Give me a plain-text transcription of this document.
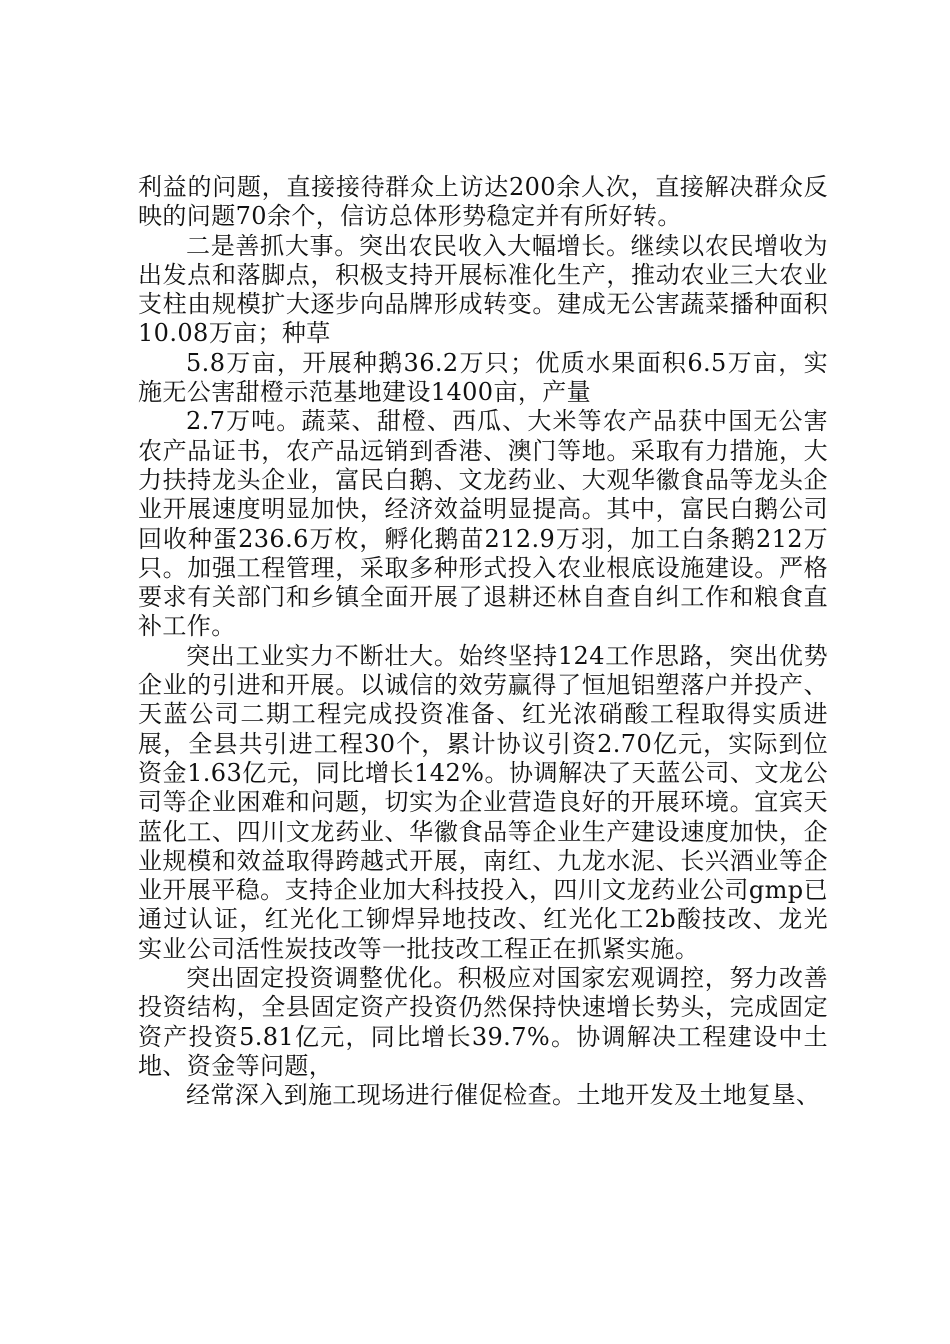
利益的问题，直接接待群众上访达200余人次，直接解决群众反映的问题70余个，信访总体形势稳定并有所好转。

二是善抓大事。突出农民收入大幅增长。继续以农民增收为出发点和落脚点，积极支持开展标准化生产，推动农业三大农业支柱由规模扩大逐步向品牌形成转变。建成无公害蔬菜播种面积10.08万亩；种草

5.8万亩，开展种鹅36.2万只；优质水果面积6.5万亩，实施无公害甜橙示范基地建设1400亩，产量

2.7万吨。蔬菜、甜橙、西瓜、大米等农产品获中国无公害农产品证书，农产品远销到香港、澳门等地。采取有力措施，大力扶持龙头企业，富民白鹅、文龙药业、大观华徽食品等龙头企业开展速度明显加快，经济效益明显提高。其中，富民白鹅公司回收种蛋236.6万枚，孵化鹅苗212.9万羽，加工白条鹅212万只。加强工程管理，采取多种形式投入农业根底设施建设。严格要求有关部门和乡镇全面开展了退耕还林自查自纠工作和粮食直补工作。

突出工业实力不断壮大。始终坚持124工作思路，突出优势企业的引进和开展。以诚信的效劳赢得了恒旭铝塑落户并投产、天蓝公司二期工程完成投资准备、红光浓硝酸工程取得实质进展，全县共引进工程30个，累计协议引资2.70亿元，实际到位资金1.63亿元，同比增长142%。协调解决了天蓝公司、文龙公司等企业困难和问题，切实为企业营造良好的开展环境。宜宾天蓝化工、四川文龙药业、华徽食品等企业生产建设速度加快，企业规模和效益取得跨越式开展，南红、九龙水泥、长兴酒业等企业开展平稳。支持企业加大科技投入，四川文龙药业公司gmp已通过认证，红光化工铆焊异地技改、红光化工2b酸技改、龙光实业公司活性炭技改等一批技改工程正在抓紧实施。

突出固定投资调整优化。积极应对国家宏观调控，努力改善投资结构，全县固定资产投资仍然保持快速增长势头，完成固定资产投资5.81亿元，同比增长39.7%。协调解决工程建设中土地、资金等问题，

经常深入到施工现场进行催促检查。土地开发及土地复垦、
